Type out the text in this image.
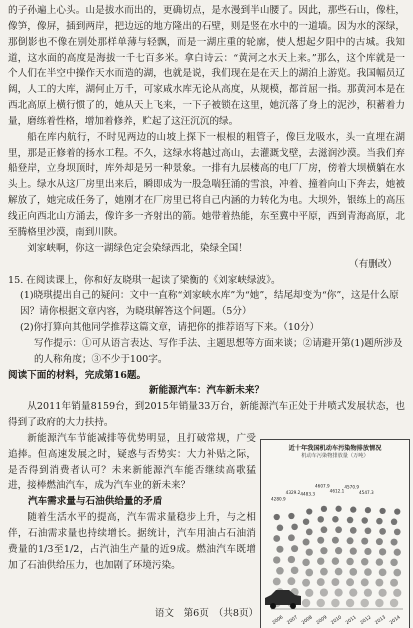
的子孙遍上心头。山是拔水而出的，更确切点，是水漫到半山腰了。因此，那些石山，像柱，像笋，像屏，插到两岸，把边远的地方隆出的石壁，则是竖在水中的一道墙。因为水的深绿，那倒影也不像在别处那样单薄与轻飘，而是一湖庄重的轮廓，使人想起夕阳中的古城。我知道，这水面的高度是海拔一千七百多米。拿白诗云：“黄河之水天上来。”那么，这个库就是一个人们在半空中操作天水而造的湖，也就是说，我们现在是在天上的湖泊上游览。我国幅员辽阔，人工的大库，湖何止万千，可家咸水库无论从高度，从规模，都首屈一指。那黄河本是在西北高原上横行惯了的，她从天上飞来，一下子被锁在这里，她沉落了身上的泥沙，积蓄着力量，磨练着性格，增加着修养，贮起了这汪沉沉的绿。

船在库内航行，不时见两边的山坡上探下一根根的粗管子，像巨龙吸水，头一直埋在湖里，那是正修着的扬水工程。不久，这绿水将越过高山，去灌溉戈壁，去滋润沙漠。当我们弃船登岸，立身坝顶时，库外却是另一种景象。一排有九层楼高的电厂厂房，傍着大坝横躺在水头上。绿水从这厂房里出来后，瞬即成为一股急喘狂涌的雪浪，冲着、撞着向山下奔去，她被解放了，她完成任务了，她刚才在厂房里已将自己内涵的力转化为电。大坝外，银练上的高压线正向西北山方涌去，像许多一齐射出的箭。她带着热能，东至冀中平原，西到青海高原，北至腾格里沙漠，南到川陕。

刘家峡啊，你这一湖绿色定会染绿西北，染绿全国！

（有删改）

15. 在阅读课上，你和好友晓琪一起读了梁衡的《刘家峡绿波》。

(1)晓琪提出自己的疑问：文中一直称“刘家峡水库”为“她”，结尾却变为“你”，这是什么原因？请你根据文章内容，为晓琪解答这个问题。（5分）

(2)你打算向其他同学推荐这篇文章，请把你的推荐语写下来。（10分）

写作提示：①可从语言表达、写作手法、主题思想等方面来谈；②请避开第(1)题所涉及的人称角度；③不少于100字。

阅读下面的材料，完成第16题。

新能源汽车：汽车新未来？

从2011年销量8159台，到2015年销量33万台，新能源汽车正处于井喷式发展状态，也得到了政府的大力扶持。

新能源汽车节能减排等优势明显，且打破常规，广受追捧。但高速发展之时，疑惑与否势实：大力补贴之际，是否得到消费者认可？未来新能源汽车能否继续高歌猛进，接棒燃油汽车，成为汽车业的新未来？

汽车需求量与石油供给量的矛盾

随着生活水平的提高，汽车需求量稳步上升，与之相伴，石油需求量也持续增长。据统计，汽车用油占石油消费量的1/3至1/2，占汽油生产量的近9成。燃油汽车既增加了石油供给压力，也加剧了环境污染。

近十年我国机动车污染物排放情况
机动车污染物排放量（万吨）
4280.9
2006
4329.2
2007
4483.3
2008
4607.9
2009
4612.1
2010
4570.9
2011
4547.3
2012 2013 2014
语文　第6页　（共8页）
